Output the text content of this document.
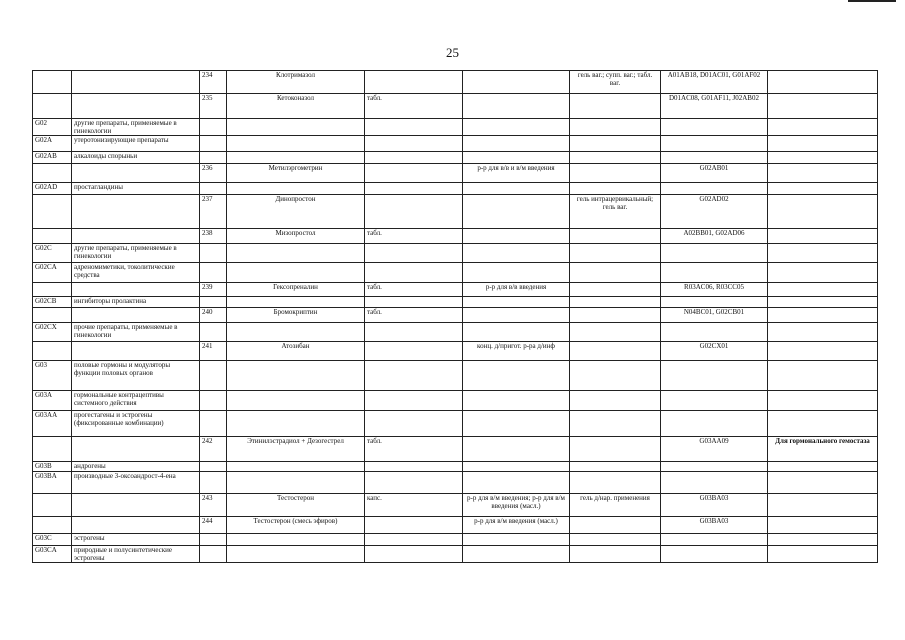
25
		234	Клотримазол			гель ваг.; супп. ваг.; табл. ваг.	A01AB18, D01AC01, G01AF02	
		235	Кетоконазол	табл.			D01AC08, G01AF11, J02AB02	
G02	другие препараты, применяемые в гинекологии							
G02A	утеротонизирующие препараты							
G02AB	алкалоиды спорыньи							
		236	Метилэргометрин		р-р для в/в и в/м введения		G02AB01	
G02AD	простагландины							
		237	Динопростон			гель интрацервикальный; гель ваг.	G02AD02	
		238	Мизопростол	табл.			A02BB01, G02AD06	
G02C	другие препараты, применяемые в гинекологии							
G02CA	адреномиметики, токолитические средства							
		239	Гексопреналин	табл.	р-р для в/в введения		R03AC06, R03CC05	
G02CB	ингибиторы пролактина							
		240	Бромокриптин	табл.			N04BC01, G02CB01	
G02CX	прочие препараты, применяемые в гинекологии							
		241	Атозибан		конц. д/пригот. р-ра д/инф		G02CX01	
G03	половые гормоны и модуляторы функции половых органов							
G03A	гормональные контрацептивы системного действия							
G03AA	прогестагены и эстрогены (фиксированные комбинации)							
		242	Этинилэстрадиол + Дезогестрел	табл.			G03AA09	Для гормонального гемостаза
G03B	андрогены							
G03BA	производные 3-оксоандрост-4-ена							
		243	Тестостерон	капс.	р-р для в/м введения; р-р для в/м введения (масл.)	гель д/нар. применения	G03BA03	
		244	Тестостерон (смесь эфиров)		р-р для в/м введения (масл.)		G03BA03	
G03C	эстрогены							
G03CA	природные и полусинтетические эстрогены							
